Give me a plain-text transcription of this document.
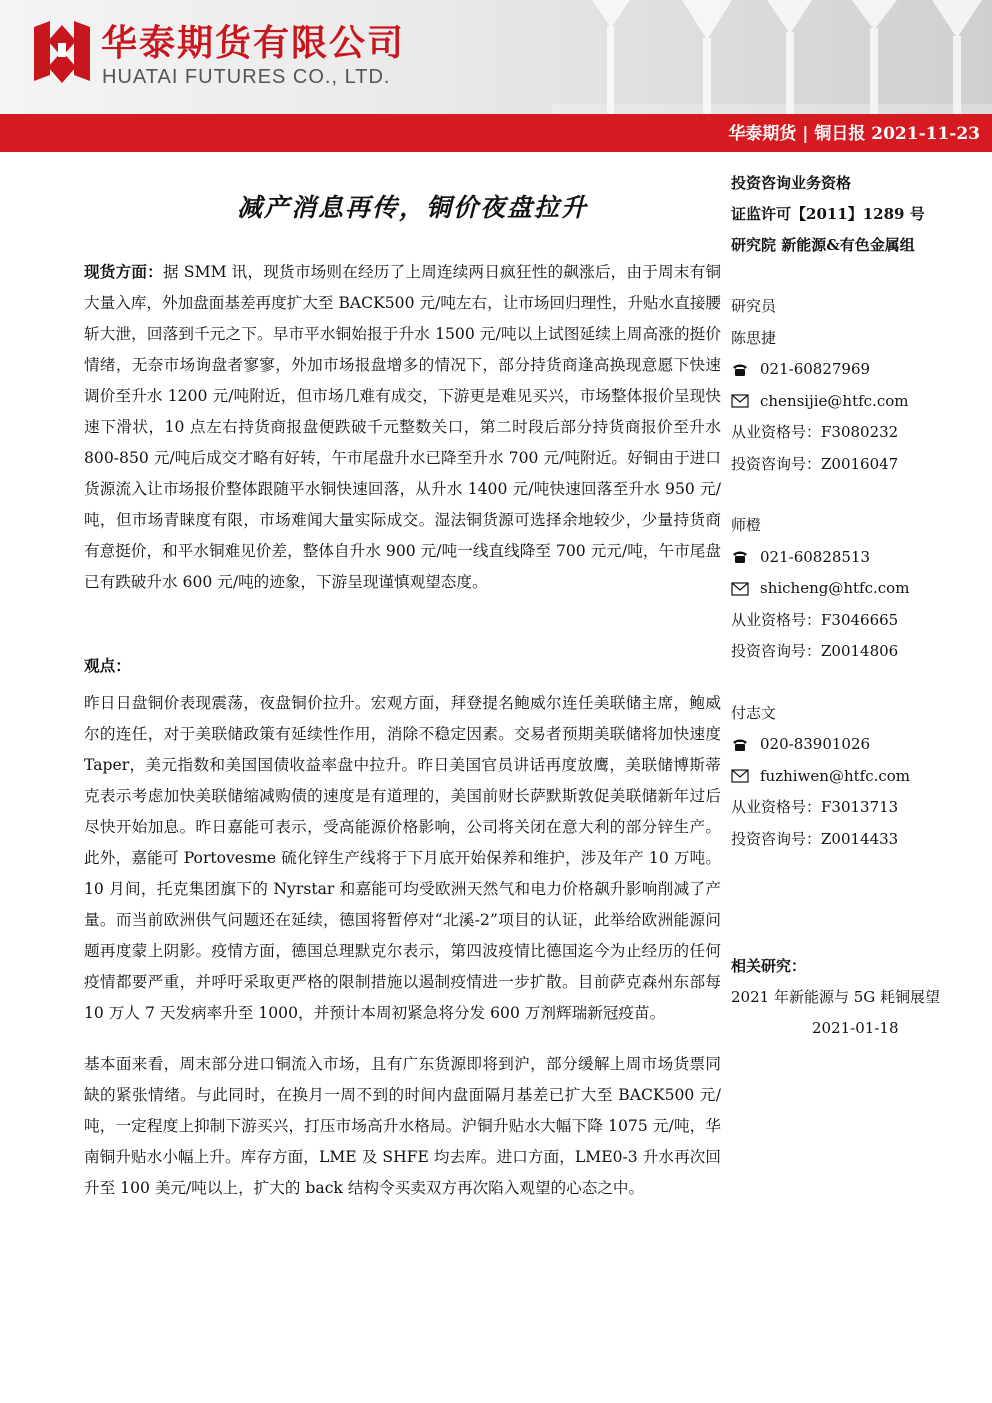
华泰期货有限公司
HUATAI FUTURES CO., LTD.
华泰期货 | 铜日报 2021-11-23
减产消息再传，铜价夜盘拉升

现货方面：据 SMM 讯，现货市场则在经历了上周连续两日疯狂性的飙涨后，由于周末有铜大量入库，外加盘面基差再度扩大至 BACK500 元/吨左右，让市场回归理性，升贴水直接腰斩大泄，回落到千元之下。早市平水铜始报于升水 1500 元/吨以上试图延续上周高涨的挺价情绪，无奈市场询盘者寥寥，外加市场报盘增多的情况下，部分持货商逢高换现意愿下快速调价至升水 1200 元/吨附近，但市场几难有成交，下游更是难见买兴，市场整体报价呈现快速下滑状，10 点左右持货商报盘便跌破千元整数关口，第二时段后部分持货商报价至升水 800-850 元/吨后成交才略有好转，午市尾盘升水已降至升水 700 元/吨附近。好铜由于进口货源流入让市场报价整体跟随平水铜快速回落，从升水 1400 元/吨快速回落至升水 950 元/吨，但市场青睐度有限，市场难闻大量实际成交。湿法铜货源可选择余地较少，少量持货商有意挺价，和平水铜难见价差，整体自升水 900 元/吨一线直线降至 700 元元/吨，午市尾盘已有跌破升水 600 元/吨的迹象，下游呈现谨慎观望态度。

观点：

昨日日盘铜价表现震荡，夜盘铜价拉升。宏观方面，拜登提名鲍威尔连任美联储主席，鲍威尔的连任，对于美联储政策有延续性作用，消除不稳定因素。交易者预期美联储将加快速度 Taper，美元指数和美国国债收益率盘中拉升。昨日美国官员讲话再度放鹰，美联储博斯蒂克表示考虑加快美联储缩减购债的速度是有道理的，美国前财长萨默斯敦促美联储新年过后尽快开始加息。昨日嘉能可表示，受高能源价格影响，公司将关闭在意大利的部分锌生产。此外，嘉能可 Portovesme 硫化锌生产线将于下月底开始保养和维护，涉及年产 10 万吨。10 月间，托克集团旗下的 Nyrstar 和嘉能可均受欧洲天然气和电力价格飙升影响削减了产量。而当前欧洲供气问题还在延续，德国将暂停对“北溪-2”项目的认证，此举给欧洲能源问题再度蒙上阴影。疫情方面，德国总理默克尔表示，第四波疫情比德国迄今为止经历的任何疫情都要严重，并呼吁采取更严格的限制措施以遏制疫情进一步扩散。目前萨克森州东部每 10 万人 7 天发病率升至 1000，并预计本周初紧急将分发 600 万剂辉瑞新冠疫苗。

基本面来看，周末部分进口铜流入市场，且有广东货源即将到沪，部分缓解上周市场货票同缺的紧张情绪。与此同时，在换月一周不到的时间内盘面隔月基差已扩大至 BACK500 元/吨，一定程度上抑制下游买兴，打压市场高升水格局。沪铜升贴水大幅下降 1075 元/吨，华南铜升贴水小幅上升。库存方面，LME 及 SHFE 均去库。进口方面，LME0-3 升水再次回升至 100 美元/吨以上，扩大的 back 结构令买卖双方再次陷入观望的心态之中。

投资咨询业务资格
证监许可【2011】1289 号
研究院 新能源&有色金属组
研究员
陈思捷
021-60827969
chensijie@htfc.com
从业资格号：F3080232
投资咨询号：Z0016047
师橙
021-60828513
shicheng@htfc.com
从业资格号：F3046665
投资咨询号：Z0014806
付志文
020-83901026
fuzhiwen@htfc.com
从业资格号：F3013713
投资咨询号：Z0014433
相关研究：
2021 年新能源与 5G 耗铜展望
2021-01-18
